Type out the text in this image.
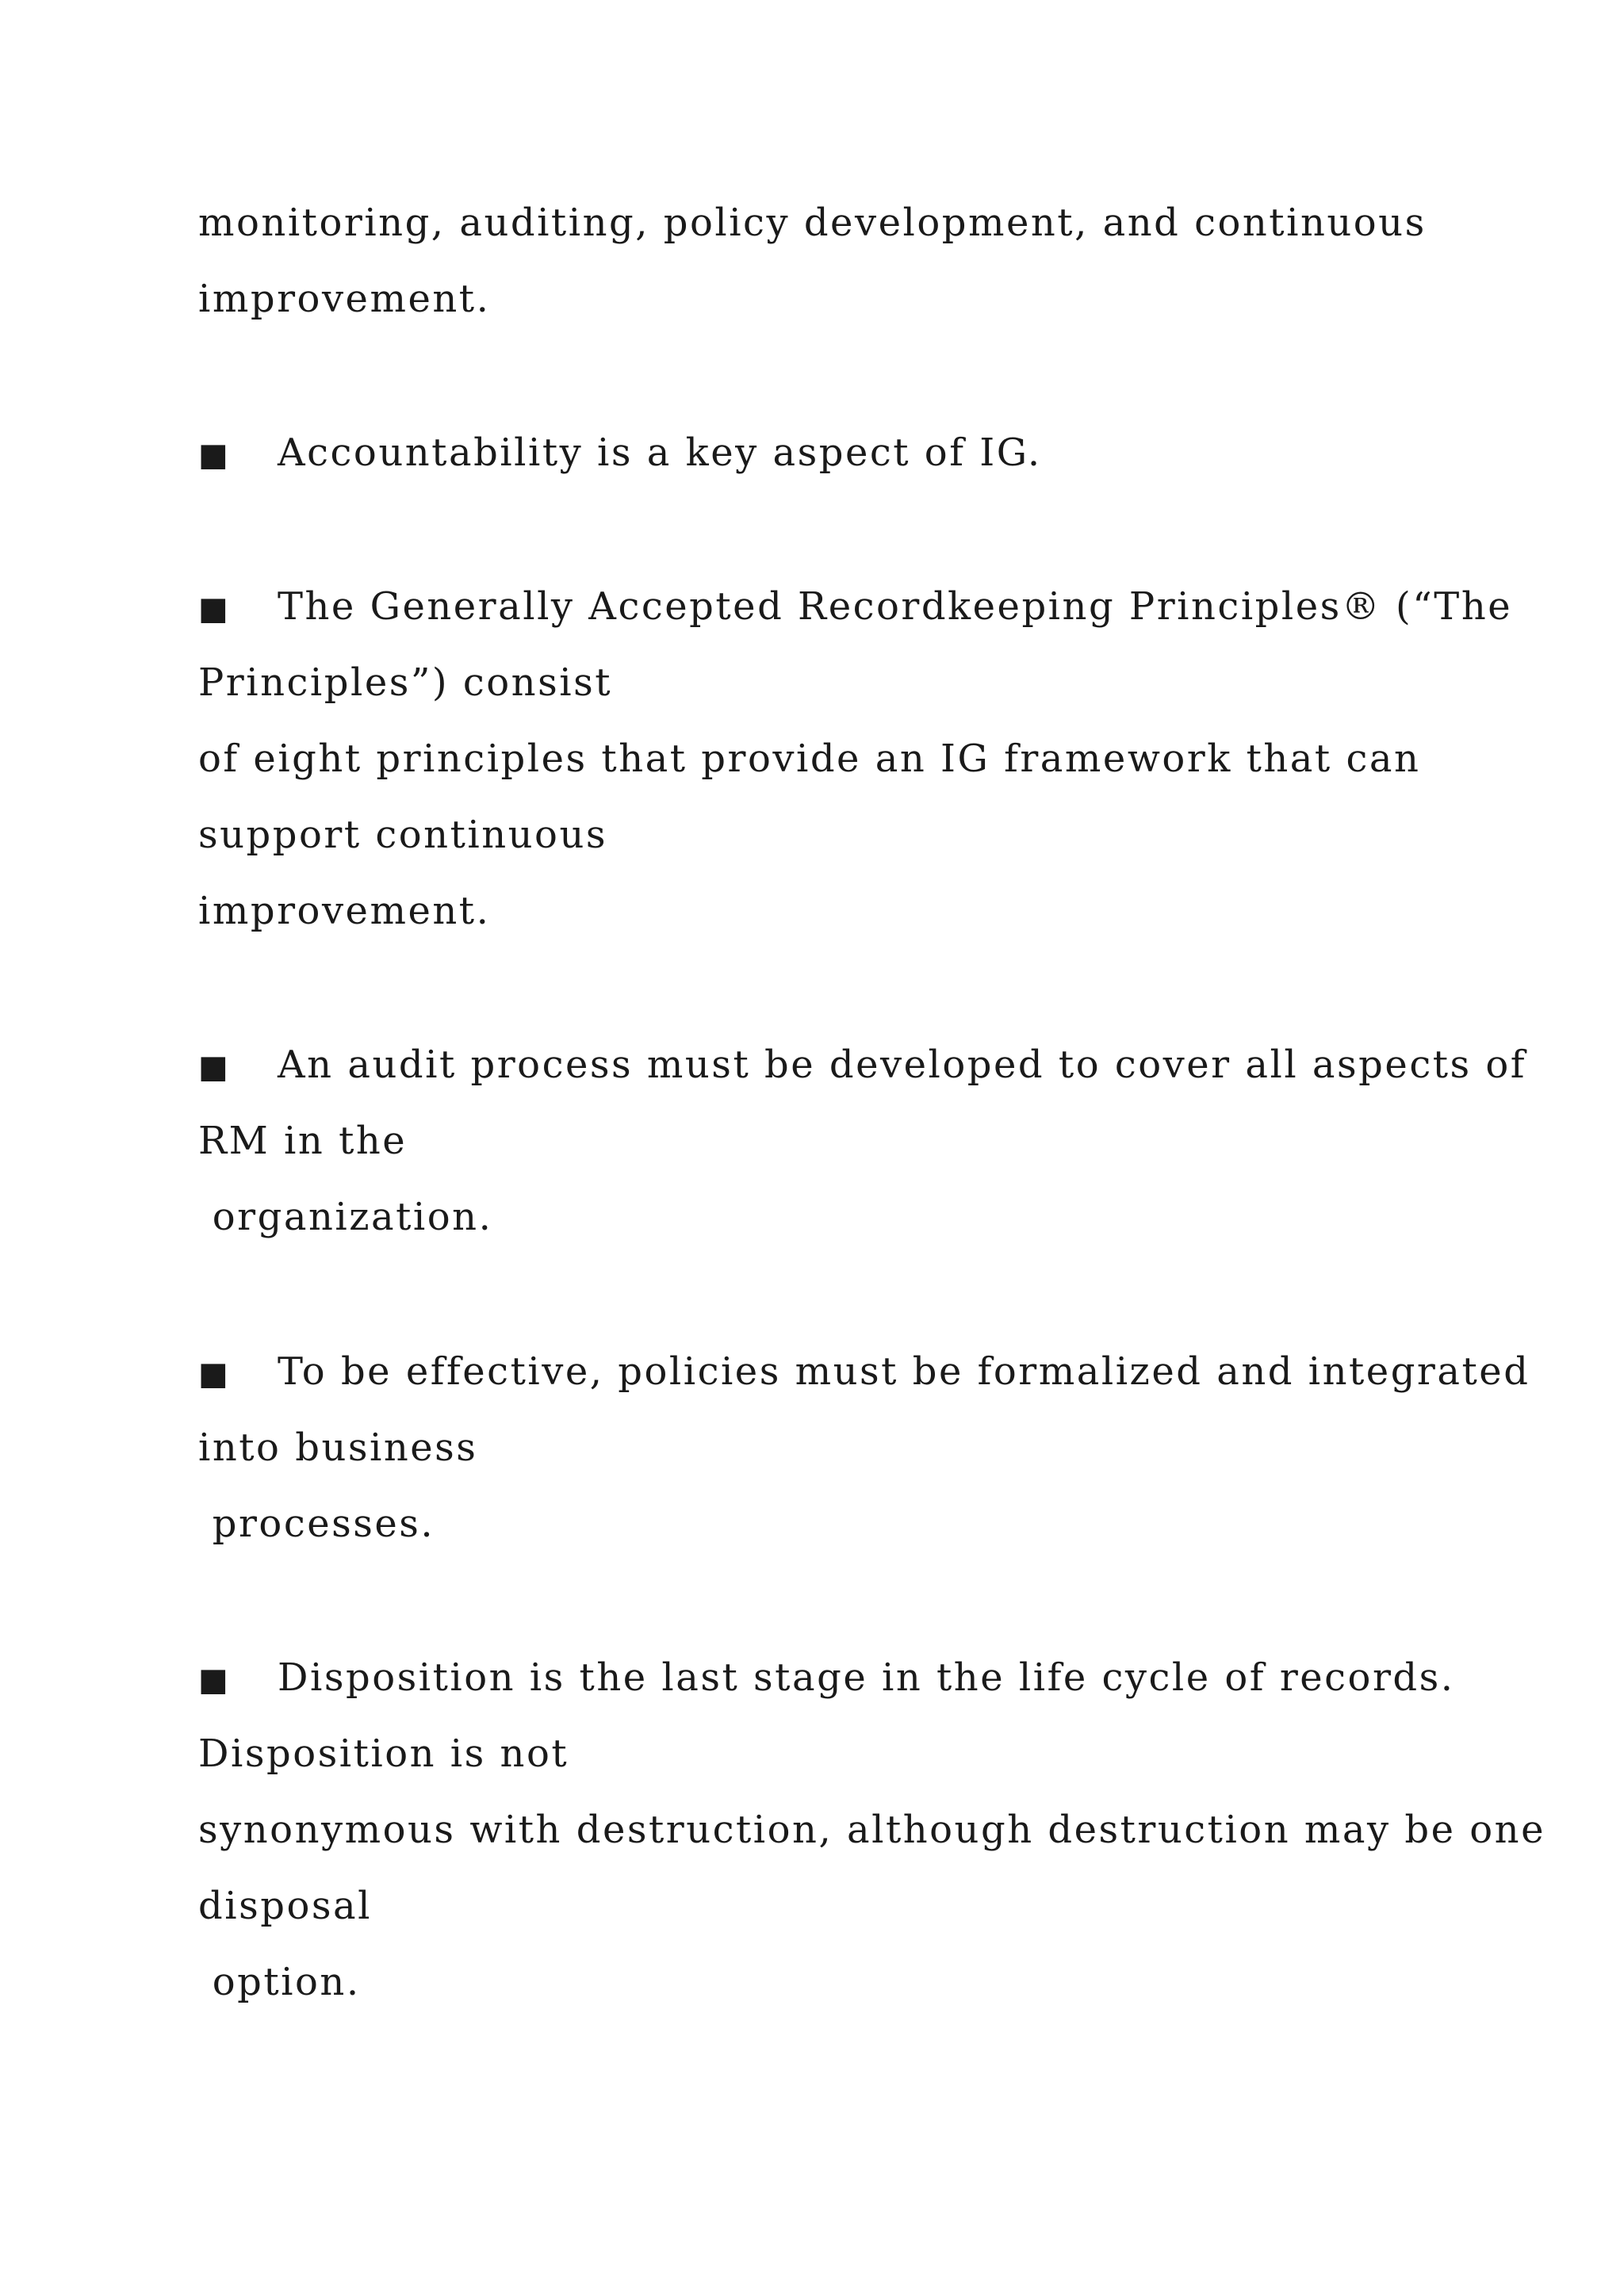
monitoring, auditing, policy development, and continuous
improvement.
■ Accountability is a key aspect of IG.
■ The Generally Accepted Recordkeeping Principles® (“The
Principles”) consist
of eight principles that provide an IG framework that can
support continuous
improvement.
■ An audit process must be developed to cover all aspects of
RM in the
organization.
■ To be effective, policies must be formalized and integrated
into business
processes.
■ Disposition is the last stage in the life cycle of records.
Disposition is not
synonymous with destruction, although destruction may be one
disposal
option.
